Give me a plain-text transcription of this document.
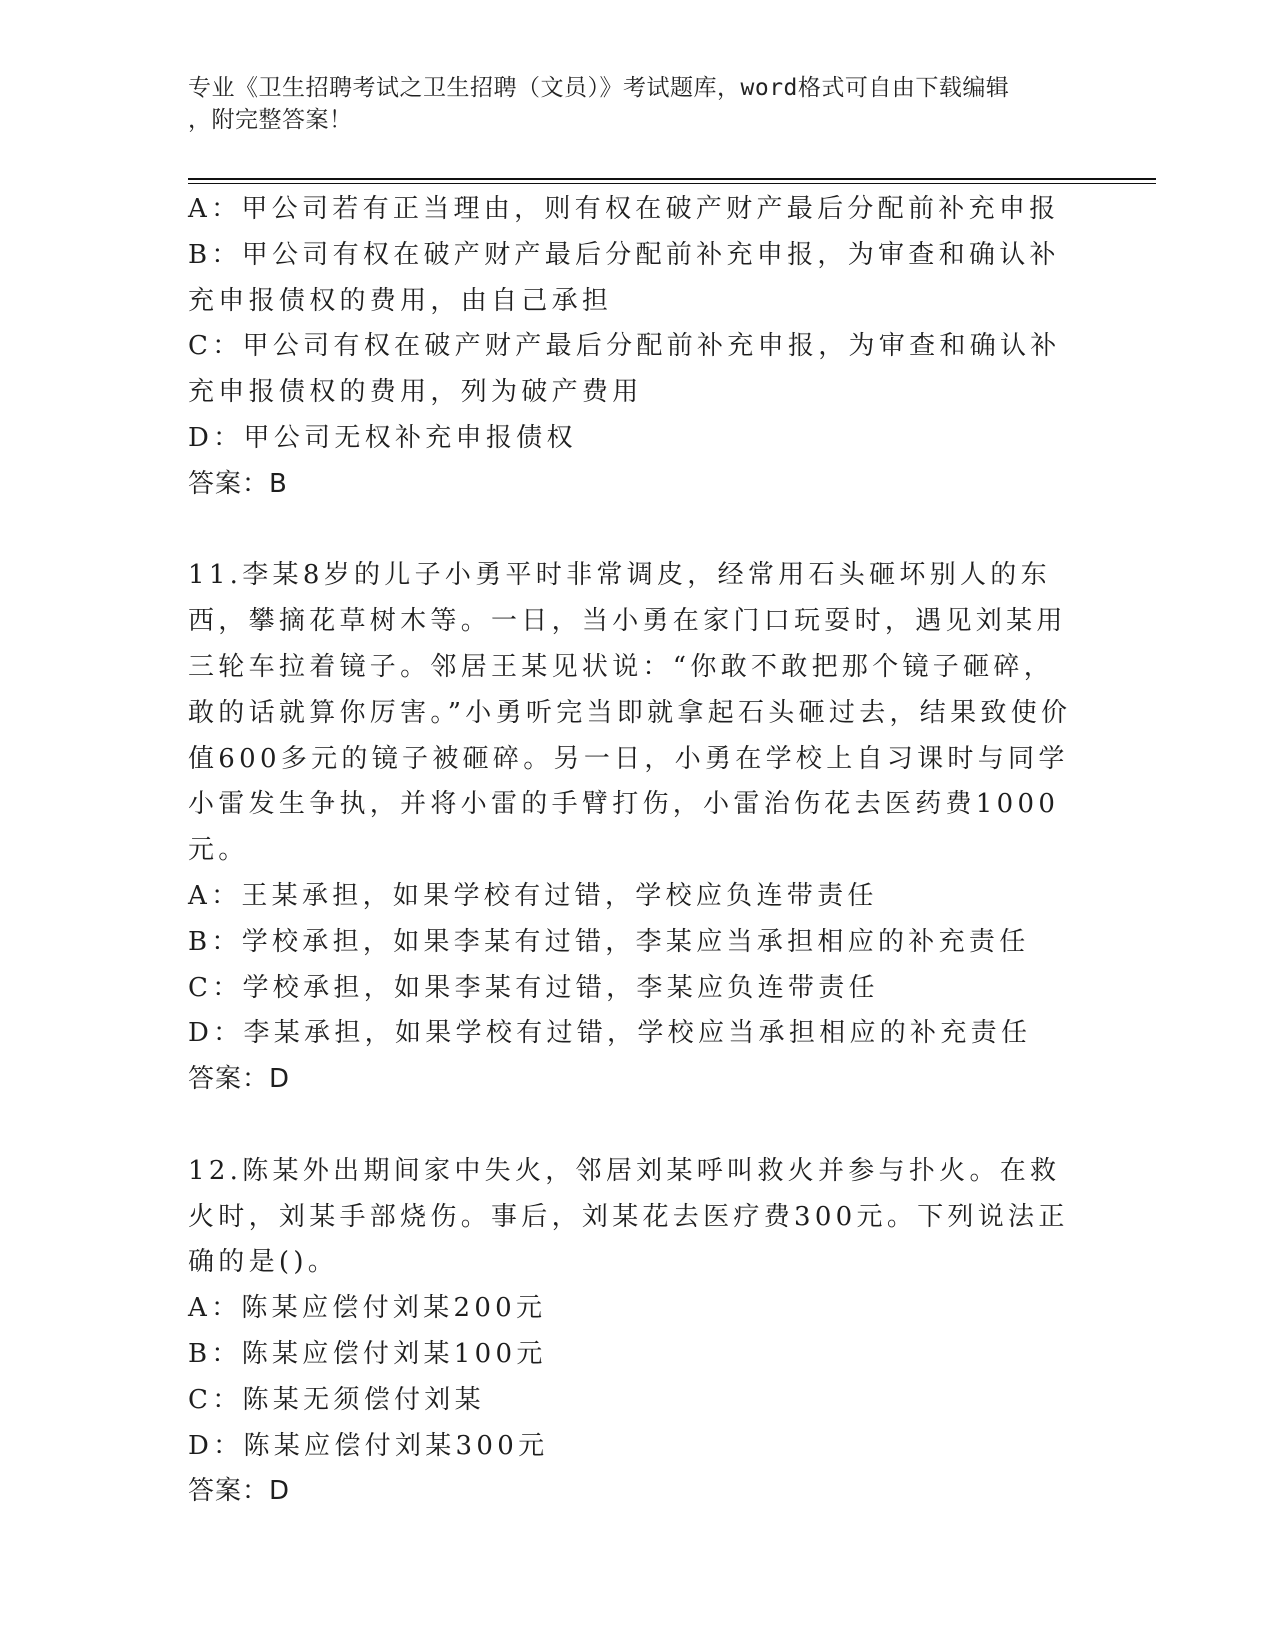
专业《卫生招聘考试之卫生招聘（文员）》考试题库，word格式可自由下载编辑

，附完整答案！

A：甲公司若有正当理由，则有权在破产财产最后分配前补充申报

B：甲公司有权在破产财产最后分配前补充申报，为审查和确认补充申报债权的费用，由自己承担

C：甲公司有权在破产财产最后分配前补充申报，为审查和确认补充申报债权的费用，列为破产费用

D：甲公司无权补充申报债权

答案：B

11.李某8岁的儿子小勇平时非常调皮，经常用石头砸坏别人的东西，攀摘花草树木等。一日，当小勇在家门口玩耍时，遇见刘某用三轮车拉着镜子。邻居王某见状说：“你敢不敢把那个镜子砸碎，敢的话就算你厉害。”小勇听完当即就拿起石头砸过去，结果致使价值600多元的镜子被砸碎。另一日，小勇在学校上自习课时与同学小雷发生争执，并将小雷的手臂打伤，小雷治伤花去医药费1000元。

A：王某承担，如果学校有过错，学校应负连带责任

B：学校承担，如果李某有过错，李某应当承担相应的补充责任

C：学校承担，如果李某有过错，李某应负连带责任

D：李某承担，如果学校有过错，学校应当承担相应的补充责任

答案：D

12.陈某外出期间家中失火，邻居刘某呼叫救火并参与扑火。在救火时，刘某手部烧伤。事后，刘某花去医疗费300元。下列说法正确的是()。

A：陈某应偿付刘某200元

B：陈某应偿付刘某100元

C：陈某无须偿付刘某

D：陈某应偿付刘某300元

答案：D
